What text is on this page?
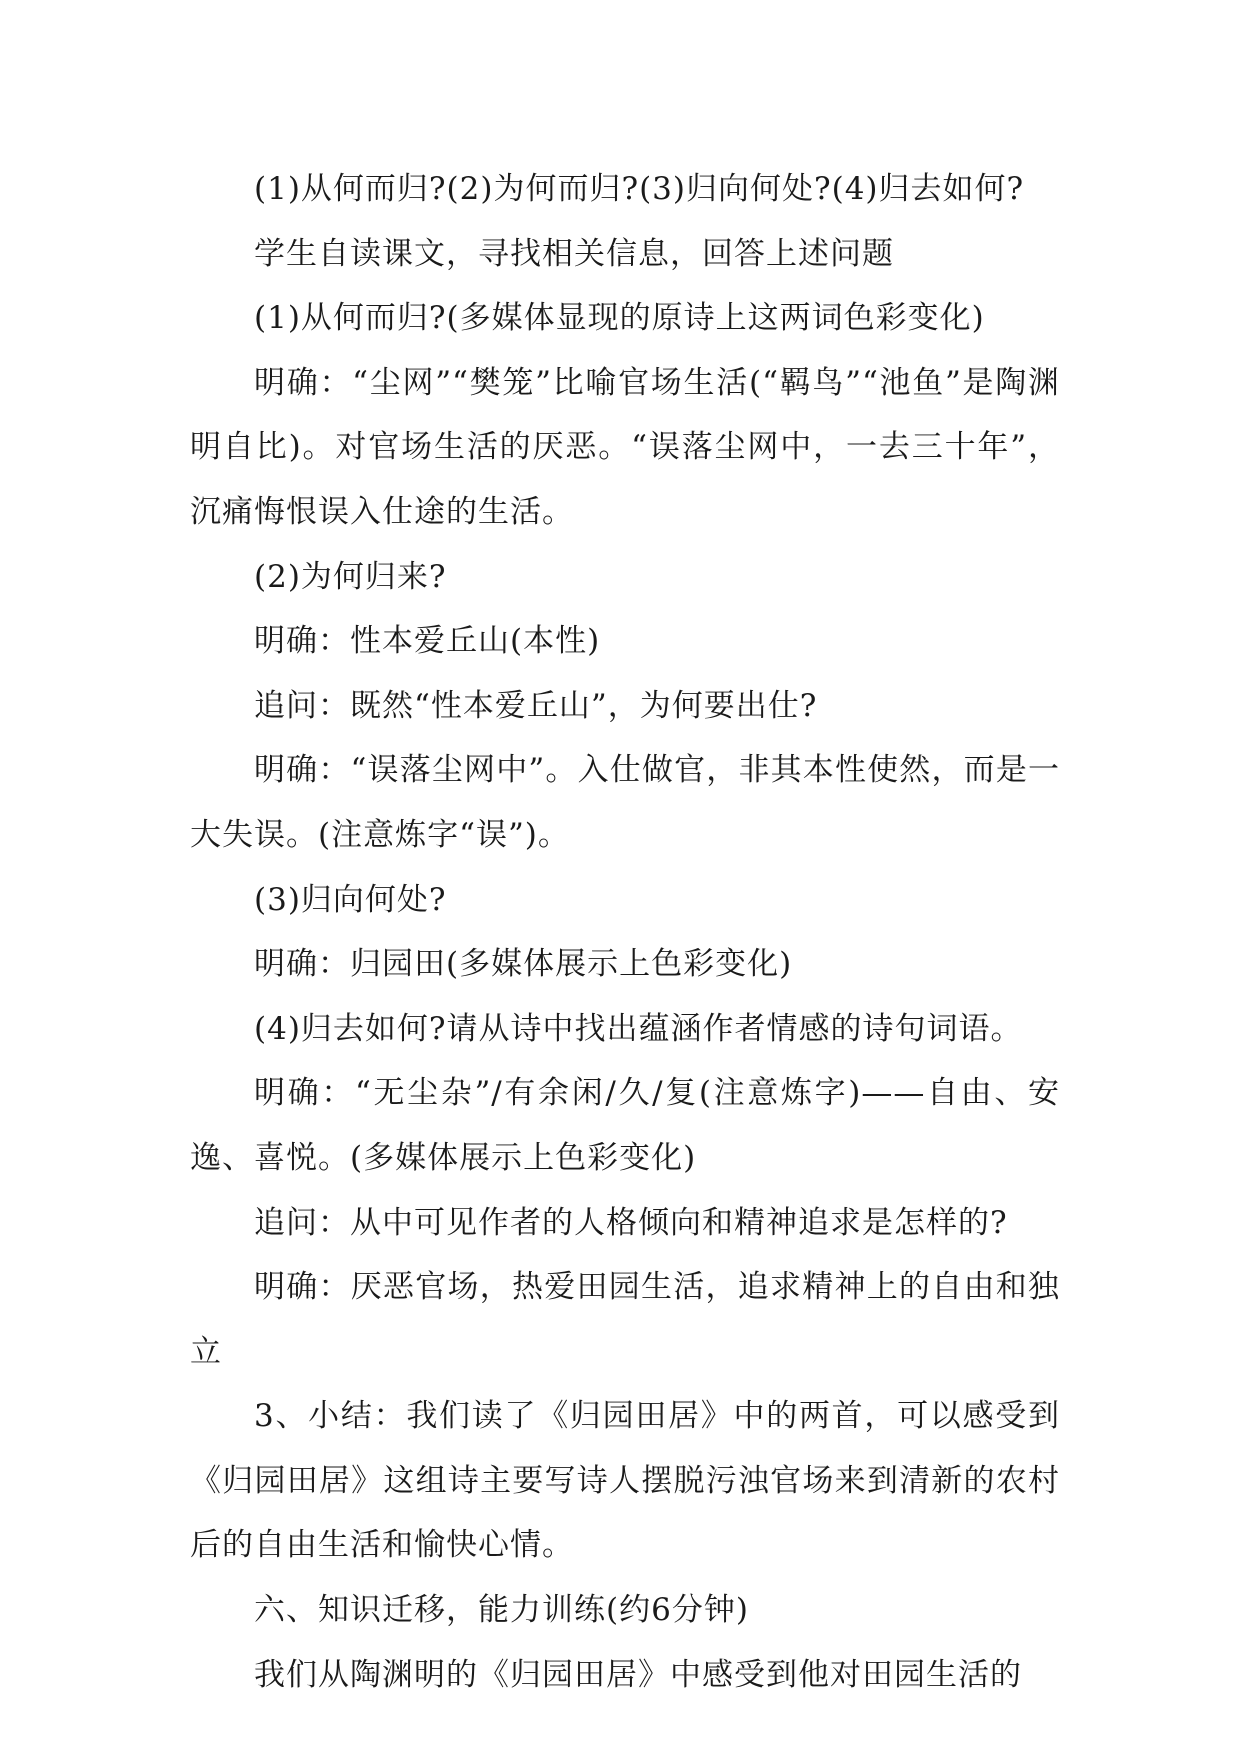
(1)从何而归?(2)为何而归?(3)归向何处?(4)归去如何?

学生自读课文，寻找相关信息，回答上述问题

(1)从何而归?(多媒体显现的原诗上这两词色彩变化)

明确：“尘网”“樊笼”比喻官场生活(“羁鸟”“池鱼”是陶渊明自比)。对官场生活的厌恶。“误落尘网中，一去三十年”，沉痛悔恨误入仕途的生活。

(2)为何归来?

明确：性本爱丘山(本性)

追问：既然“性本爱丘山”，为何要出仕?

明确：“误落尘网中”。入仕做官，非其本性使然，而是一大失误。(注意炼字“误”)。

(3)归向何处?

明确：归园田(多媒体展示上色彩变化)

(4)归去如何?请从诗中找出蕴涵作者情感的诗句词语。

明确：“无尘杂”/有余闲/久/复(注意炼字)——自由、安逸、喜悦。(多媒体展示上色彩变化)

追问：从中可见作者的人格倾向和精神追求是怎样的?

明确：厌恶官场，热爱田园生活，追求精神上的自由和独立

3、小结：我们读了《归园田居》中的两首，可以感受到《归园田居》这组诗主要写诗人摆脱污浊官场来到清新的农村后的自由生活和愉快心情。

六、知识迁移，能力训练(约6分钟)

我们从陶渊明的《归园田居》中感受到他对田园生活的
